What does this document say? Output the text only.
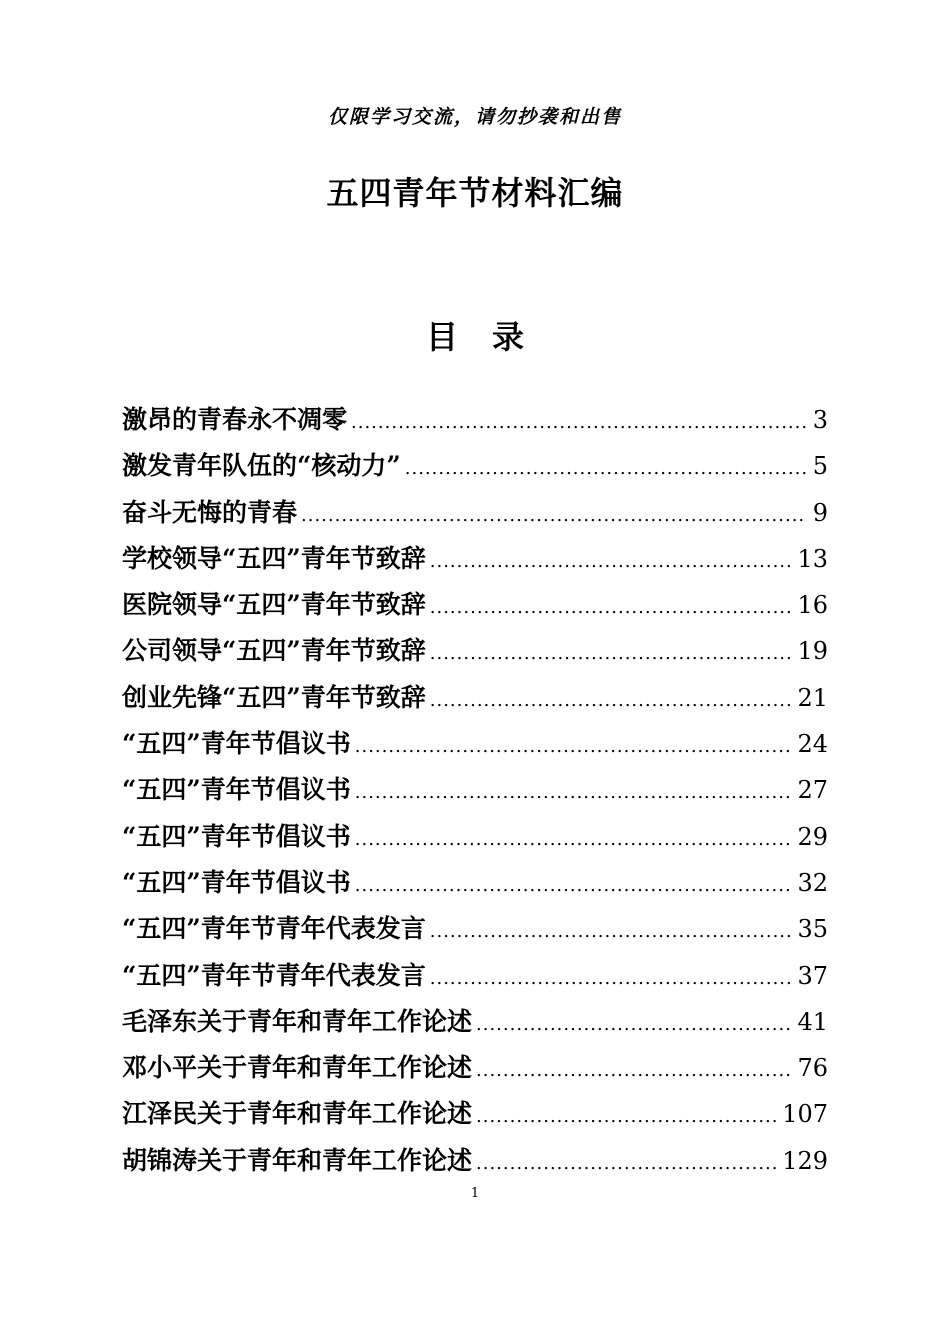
仅限学习交流，请勿抄袭和出售
五四青年节材料汇编
目 录
激昂的青春永不凋零 .....	3
激发青年队伍的“核动力” .....	5
奋斗无悔的青春 .....	9
学校领导“五四”青年节致辞 .....	13
医院领导“五四”青年节致辞 .....	16
公司领导“五四”青年节致辞 .....	19
创业先锋“五四”青年节致辞 .....	21
“五四”青年节倡议书 .....	24
“五四”青年节倡议书 .....	27
“五四”青年节倡议书 .....	29
“五四”青年节倡议书 .....	32
“五四”青年节青年代表发言 .....	35
“五四”青年节青年代表发言 .....	37
毛泽东关于青年和青年工作论述 .....	41
邓小平关于青年和青年工作论述 .....	76
江泽民关于青年和青年工作论述 .....	107
胡锦涛关于青年和青年工作论述 .....	129
1
